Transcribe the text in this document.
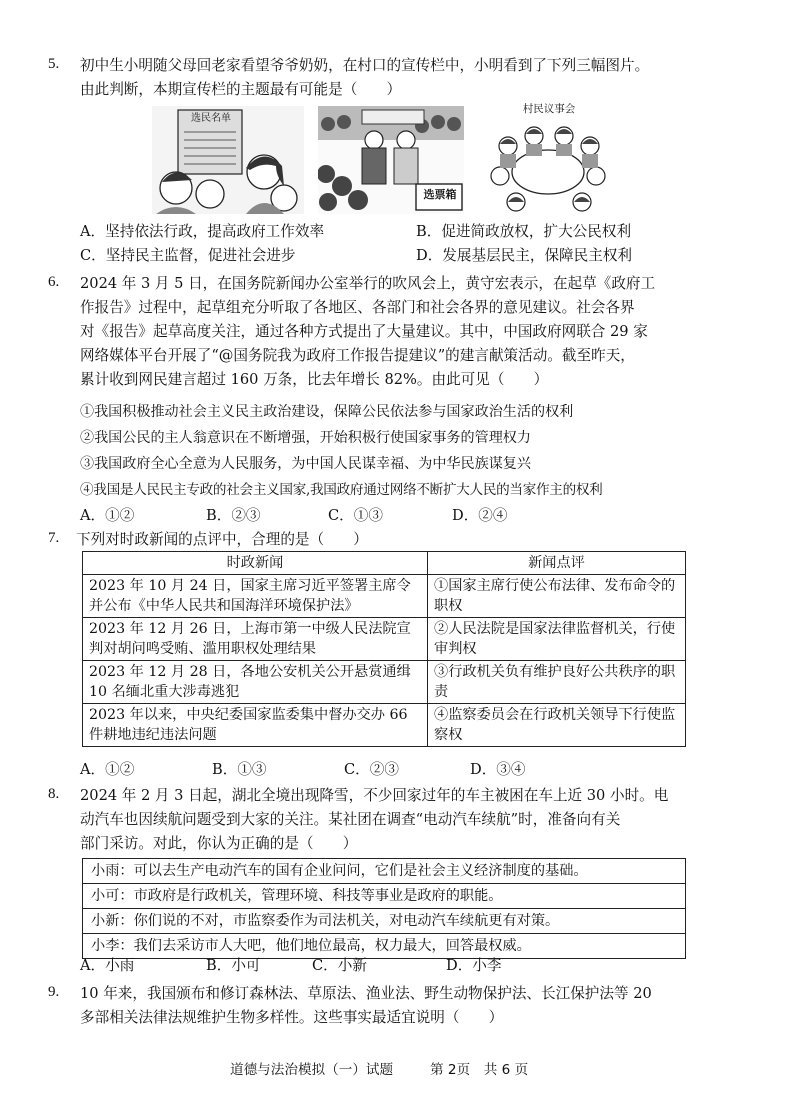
5. 初中生小明随父母回老家看望爷爷奶奶，在村口的宣传栏中，小明看到了下列三幅图片。
由此判断，本期宣传栏的主题最有可能是（　　）
选民名单
选票箱
村民议事会
A．坚持依法行政，提高政府工作效率	B．促进简政放权，扩大公民权利
C．坚持民主监督，促进社会进步	D．发展基层民主，保障民主权利
6. 2024 年 3 月 5 日，在国务院新闻办公室举行的吹风会上，黄守宏表示，在起草《政府工
作报告》过程中，起草组充分听取了各地区、各部门和社会各界的意见建议。社会各界
对《报告》起草高度关注，通过各种方式提出了大量建议。其中，中国政府网联合 29 家
网络媒体平台开展了“@国务院我为政府工作报告提建议”的建言献策活动。截至昨天，
累计收到网民建言超过 160 万条，比去年增长 82%。由此可见（　　）
①我国积极推动社会主义民主政治建设，保障公民依法参与国家政治生活的权利
②我国公民的主人翁意识在不断增强，开始积极行使国家事务的管理权力
③我国政府全心全意为人民服务，为中国人民谋幸福、为中华民族谋复兴
④我国是人民民主专政的社会主义国家,我国政府通过网络不断扩大人民的当家作主的权利
A．①②	B．②③	C．①③	D．②④
7. 下列对时政新闻的点评中，合理的是（　　）
时政新闻	新闻点评
2023 年 10 月 24 日，国家主席习近平签署主席令并公布《中华人民共和国海洋环境保护法》	①国家主席行使公布法律、发布命令的职权
2023 年 12 月 26 日，上海市第一中级人民法院宣判对胡问鸣受贿、滥用职权处理结果	②人民法院是国家法律监督机关，行使审判权
2023 年 12 月 28 日，各地公安机关公开悬赏通缉 10 名缅北重大涉毒逃犯	③行政机关负有维护良好公共秩序的职责
2023 年以来，中央纪委国家监委集中督办交办 66 件耕地违纪违法问题	④监察委员会在行政机关领导下行使监察权
A．①②	B．①③	C．②③	D．③④
8. 2024 年 2 月 3 日起，湖北全境出现降雪，不少回家过年的车主被困在车上近 30 小时。电
动汽车也因续航问题受到大家的关注。某社团在调查“电动汽车续航”时，准备向有关
部门采访。对此，你认为正确的是（　　）
小雨：可以去生产电动汽车的国有企业问问，它们是社会主义经济制度的基础。
小可：市政府是行政机关，管理环境、科技等事业是政府的职能。
小新：你们说的不对，市监察委作为司法机关，对电动汽车续航更有对策。
小李：我们去采访市人大吧，他们地位最高，权力最大，回答最权威。
A．小雨	B．小可	C．小新	D．小李
9. 10 年来，我国颁布和修订森林法、草原法、渔业法、野生动物保护法、长江保护法等 20
多部相关法律法规维护生物多样性。这些事实最适宜说明（　　）
道德与法治模拟（一）试题	第 2页　共 6 页
